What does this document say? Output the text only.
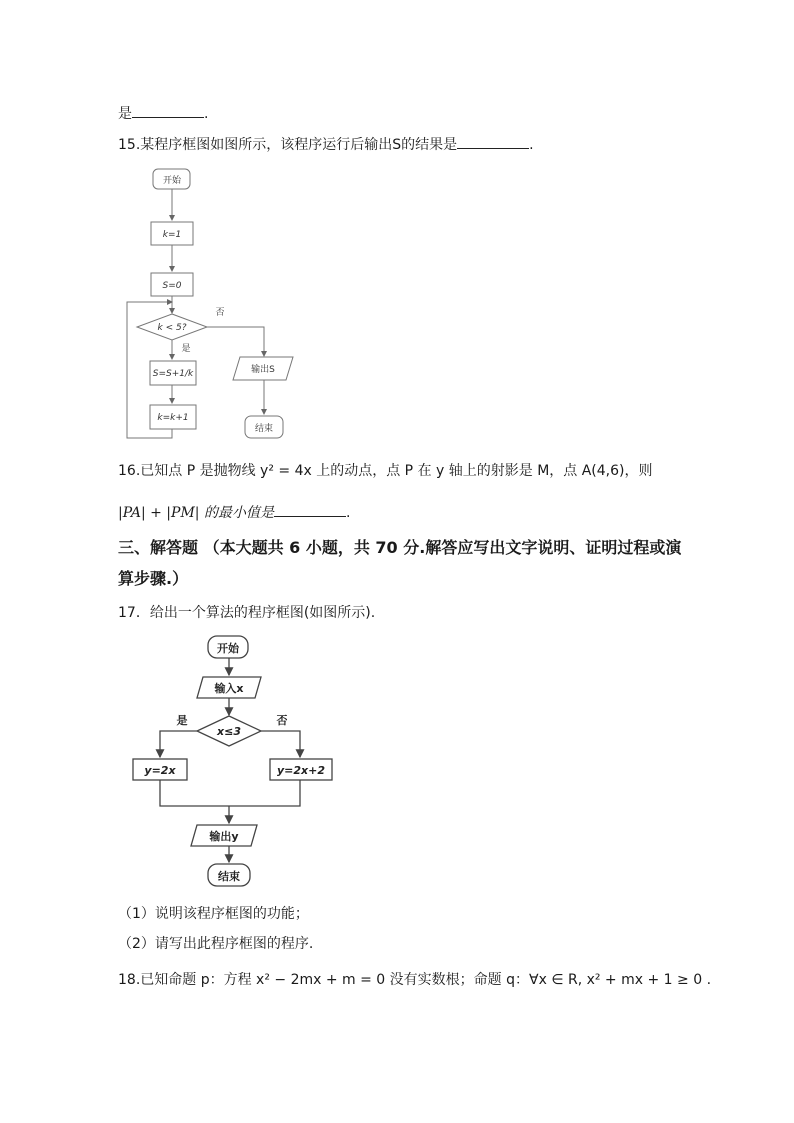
是	.
15.某程序框图如图所示，该程序运行后输出S的结果是	.
开始
k=1
S=0
k < 5?
否
是
S=S+1/k
k=k+1
输出S
结束
16.已知点 P 是抛物线 y² = 4x 上的动点，点 P 在 y 轴上的射影是 M，点 A(4,6)，则
|PA| + |PM| 的最小值是	.
三、解答题 （本大题共 6 小题，共 70 分.解答应写出文字说明、证明过程或演
算步骤.）
17．给出一个算法的程序框图(如图所示).
开始
输入x
x≤3
是	否
y=2x	y=2x+2
输出y
结束
（1）说明该程序框图的功能；
（2）请写出此程序框图的程序.
18.已知命题 p：方程 x² − 2mx + m = 0 没有实数根；命题 q：∀x ∈ R, x² + mx + 1 ≥ 0 .
